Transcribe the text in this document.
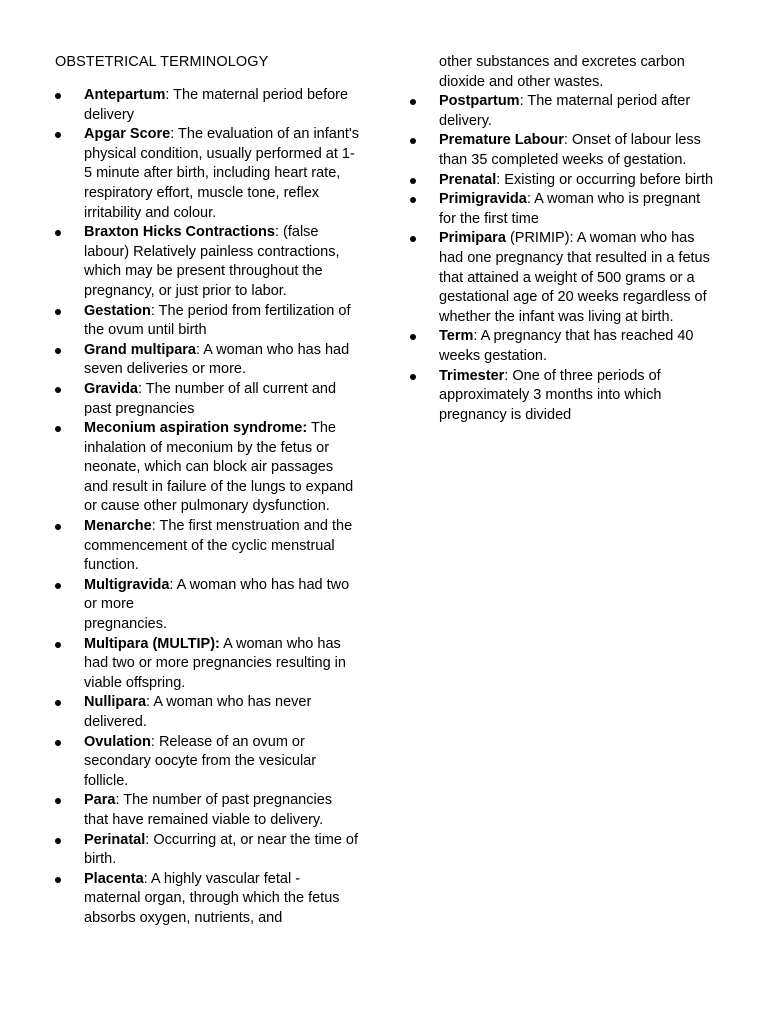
OBSTETRICAL TERMINOLOGY
Antepartum: The maternal period before delivery
Apgar Score: The evaluation of an infant's physical condition, usually performed at 1-5 minute after birth, including heart rate, respiratory effort, muscle tone, reflex irritability and colour.
Braxton Hicks Contractions: (false labour) Relatively painless contractions, which may be present throughout the pregnancy, or just prior to labor.
Gestation: The period from fertilization of the ovum until birth
Grand multipara: A woman who has had seven deliveries or more.
Gravida: The number of all current and past pregnancies
Meconium aspiration syndrome: The inhalation of meconium by the fetus or neonate, which can block air passages and result in failure of the lungs to expand or cause other pulmonary dysfunction.
Menarche: The first menstruation and the commencement of the cyclic menstrual function.
Multigravida: A woman who has had two or more
pregnancies.
Multipara (MULTIP): A woman who has had two or more pregnancies resulting in viable offspring.
Nullipara: A woman who has never delivered.
Ovulation: Release of an ovum or secondary oocyte from the vesicular follicle.
Para: The number of past pregnancies that have remained viable to delivery.
Perinatal: Occurring at, or near the time of birth.
Placenta: A highly vascular fetal - maternal organ, through which the fetus absorbs oxygen, nutrients, and
other substances and excretes carbon dioxide and other wastes.
Postpartum: The maternal period after delivery.
Premature Labour: Onset of labour less than 35 completed weeks of gestation.
Prenatal: Existing or occurring before birth
Primigravida: A woman who is pregnant for the first time
Primipara (PRIMIP): A woman who has had one pregnancy that resulted in a fetus that attained a weight of 500 grams or a gestational age of 20 weeks regardless of whether the infant was living at birth.
Term: A pregnancy that has reached 40 weeks gestation.
Trimester: One of three periods of approximately 3 months into which pregnancy is divided
